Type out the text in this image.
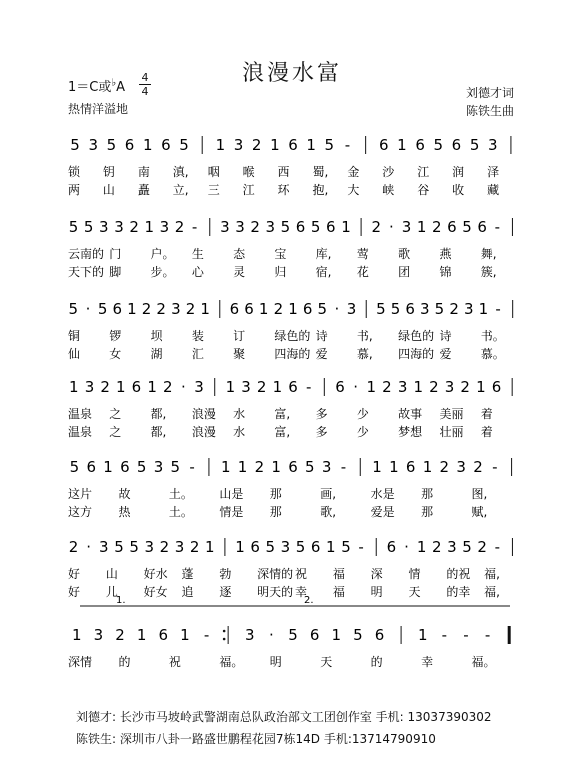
浪漫水富
1＝C或♭A
4
4
热情洋溢地
刘德才词
陈铁生曲
5 3 5 6 1 6 5 1 3 2 1 6 1 5 - 6 1 6 5 6 5 3
锁 钥 南 滇, 咽 喉 西 蜀, 金 沙 江 润 泽
两 山 矗 立, 三 江 环 抱, 大 峡 谷 收 藏
5 5 3 3 2 1 3 2 - 3 3 2 3 5 6 5 6 1 2 · 3 1 2 6 5 6 -
云南的 门 户。 生 态 宝 库, 莺 歌 燕 舞,
天下的 脚 步。 心 灵 归 宿, 花 团 锦 簇,
5 · 5 6 1 2 2 3 2 1 6 6 1 2 1 6 5 · 3 5 5 6 3 5 2 3 1 -
铜 锣 坝 装 订 绿色的 诗 书, 绿色的 诗 书。
仙 女 湖 汇 聚 四海的 爱 慕, 四海的 爱 慕。
1 3 2 1 6 1 2 · 3 1 3 2 1 6 - 6 · 1 2 3 1 2 3 2 1 6
温泉 之 都, 浪漫 水 富, 多 少 故事 美丽 着
温泉 之 都, 浪漫 水 富, 多 少 梦想 壮丽 着
5 6 1 6 5 3 5 - 1 1 2 1 6 5 3 - 1 1 6 1 2 3 2 -
这片 故	土。 山是 那	画,	水是 那	图,
这方 热	土。 情是 那	歌,	爱是 那	赋,
2 · 3 5 5 3 2 3 2 1 1 6 5 3 5 6 1 5 - 6 · 1 2 3 5 2 -
好 山 好水 蓬 勃 深情的 祝 福 深 情 的祝 福,
好 儿 好女 追 逐 明天的 幸 福 明 天 的幸 福,
1 3 2 1 6 1 - 3 · 5 6 1 5 6 1 - - -
深情 的	祝	福。 明	天	的	幸	福。
1.	2.
刘德才: 长沙市马坡岭武警湖南总队政治部文工团创作室 手机: 13037390302
陈铁生: 深圳市八卦一路盛世鹏程花园7栋14D 手机:13714790910
